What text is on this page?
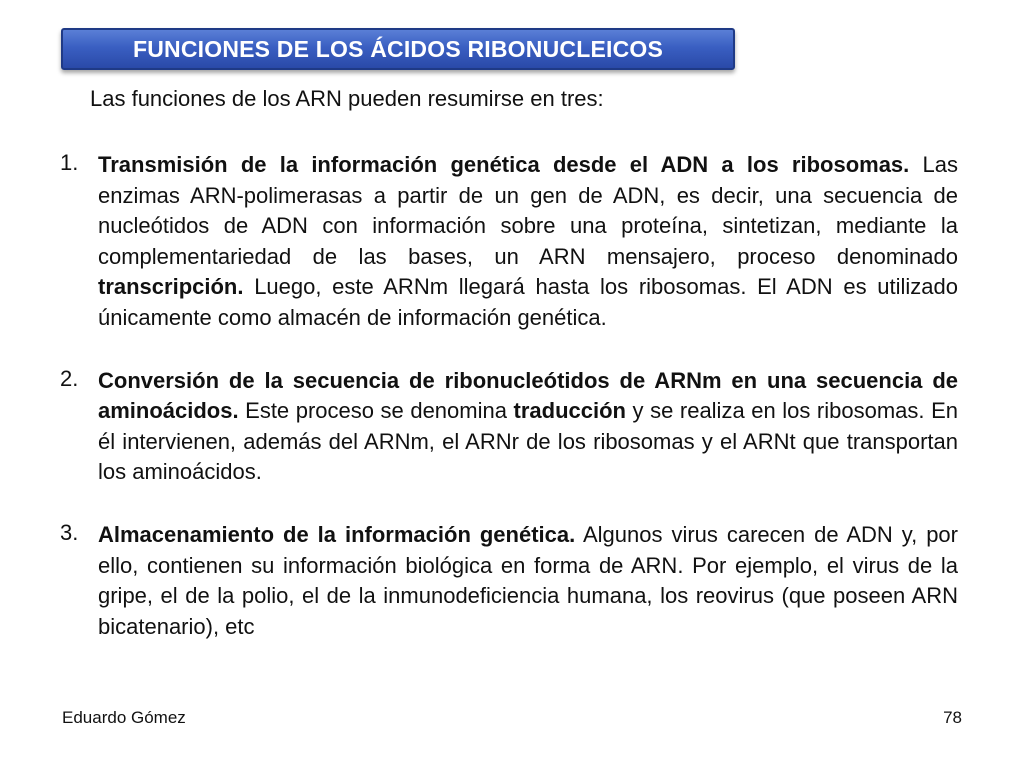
FUNCIONES DE LOS ÁCIDOS RIBONUCLEICOS
Las funciones de los ARN pueden resumirse en tres:
1. Transmisión de la información genética desde el ADN a los ribosomas. Las enzimas ARN-polimerasas a partir de un gen de ADN, es decir, una secuencia de nucleótidos de ADN con información sobre una proteína, sintetizan, mediante la complementariedad de las bases, un ARN mensajero, proceso denominado transcripción. Luego, este ARNm llegará hasta los ribosomas. El ADN es utilizado únicamente como almacén de información genética.
2. Conversión de la secuencia de ribonucleótidos de ARNm en una secuencia de aminoácidos. Este proceso se denomina traducción y se realiza en los ribosomas. En él intervienen, además del ARNm, el ARNr de los ribosomas y el ARNt que transportan los aminoácidos.
3. Almacenamiento de la información genética. Algunos virus carecen de ADN y, por ello, contienen su información biológica en forma de ARN. Por ejemplo, el virus de la gripe, el de la polio, el de la inmunodeficiencia humana, los reovirus (que poseen ARN bicatenario), etc
Eduardo Gómez	78
